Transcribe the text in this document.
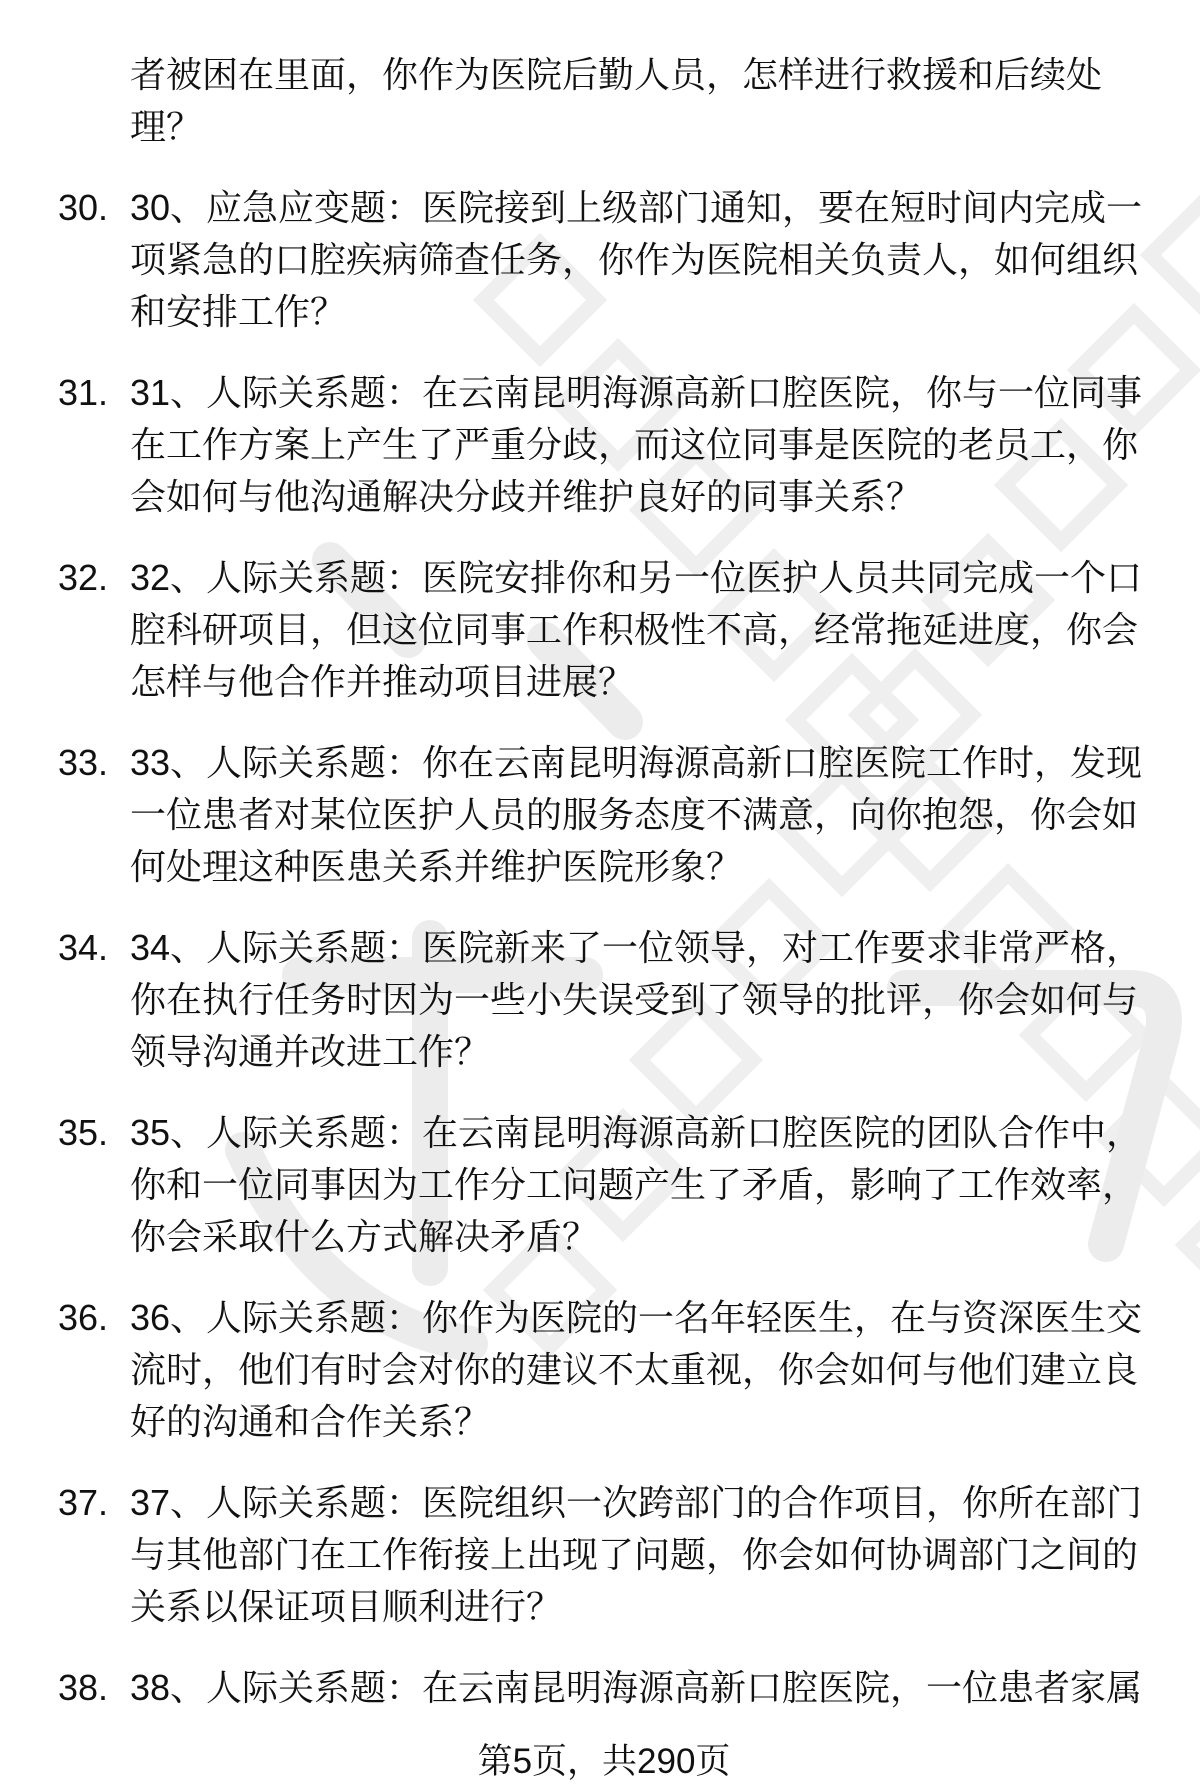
者被困在里面，你作为医院后勤人员，怎样进行救援和后续处理？

30. 30、应急应变题：医院接到上级部门通知，要在短时间内完成一项紧急的口腔疾病筛查任务，你作为医院相关负责人，如何组织和安排工作？

31. 31、人际关系题：在云南昆明海源高新口腔医院，你与一位同事在工作方案上产生了严重分歧，而这位同事是医院的老员工，你会如何与他沟通解决分歧并维护良好的同事关系？

32. 32、人际关系题：医院安排你和另一位医护人员共同完成一个口腔科研项目，但这位同事工作积极性不高，经常拖延进度，你会怎样与他合作并推动项目进展？

33. 33、人际关系题：你在云南昆明海源高新口腔医院工作时，发现一位患者对某位医护人员的服务态度不满意，向你抱怨，你会如何处理这种医患关系并维护医院形象？

34. 34、人际关系题：医院新来了一位领导，对工作要求非常严格，你在执行任务时因为一些小失误受到了领导的批评，你会如何与领导沟通并改进工作？

35. 35、人际关系题：在云南昆明海源高新口腔医院的团队合作中，你和一位同事因为工作分工问题产生了矛盾，影响了工作效率，你会采取什么方式解决矛盾？

36. 36、人际关系题：你作为医院的一名年轻医生，在与资深医生交流时，他们有时会对你的建议不太重视，你会如何与他们建立良好的沟通和合作关系？

37. 37、人际关系题：医院组织一次跨部门的合作项目，你所在部门与其他部门在工作衔接上出现了问题，你会如何协调部门之间的关系以保证项目顺利进行？

38. 38、人际关系题：在云南昆明海源高新口腔医院，一位患者家属

第5页，共290页
